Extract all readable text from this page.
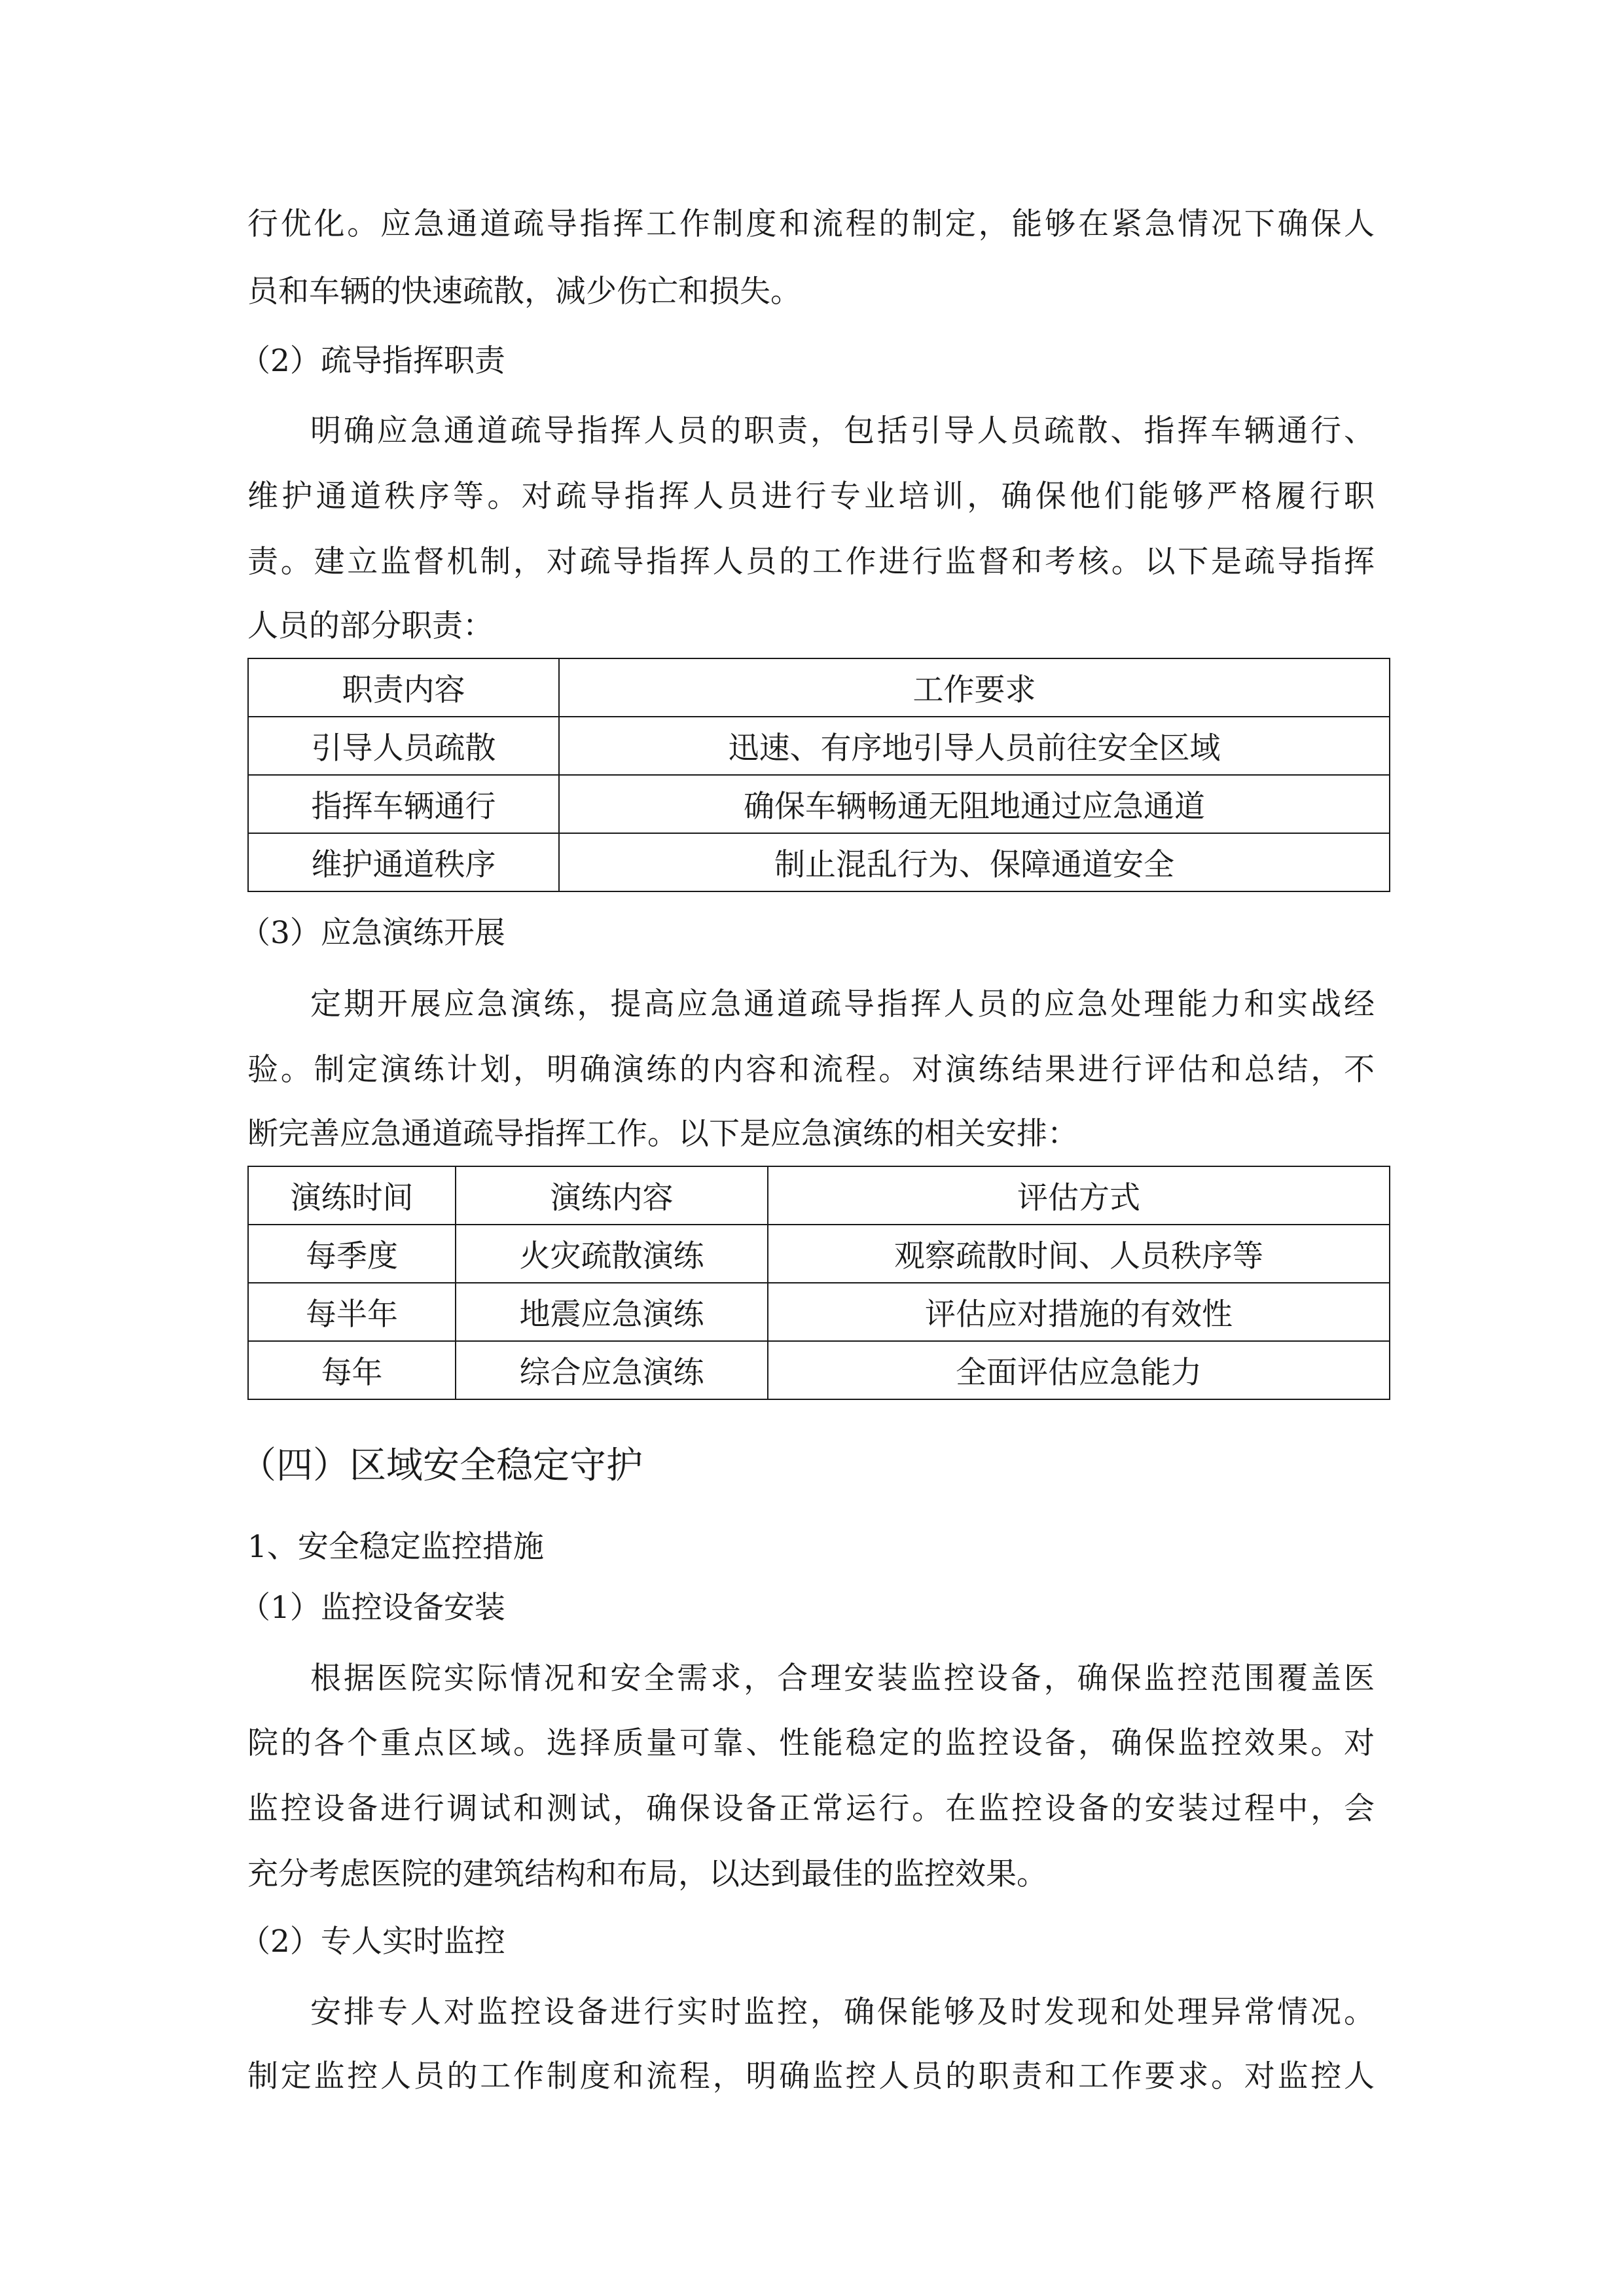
行优化。应急通道疏导指挥工作制度和流程的制定，能够在紧急情况下确保人
员和车辆的快速疏散，减少伤亡和损失。
（2）疏导指挥职责
明确应急通道疏导指挥人员的职责，包括引导人员疏散、指挥车辆通行、
维护通道秩序等。对疏导指挥人员进行专业培训，确保他们能够严格履行职
责。建立监督机制，对疏导指挥人员的工作进行监督和考核。以下是疏导指挥
人员的部分职责：
职责内容	工作要求
引导人员疏散	迅速、有序地引导人员前往安全区域
指挥车辆通行	确保车辆畅通无阻地通过应急通道
维护通道秩序	制止混乱行为、保障通道安全
（3）应急演练开展
定期开展应急演练，提高应急通道疏导指挥人员的应急处理能力和实战经
验。制定演练计划，明确演练的内容和流程。对演练结果进行评估和总结，不
断完善应急通道疏导指挥工作。以下是应急演练的相关安排：
演练时间	演练内容	评估方式
每季度	火灾疏散演练	观察疏散时间、人员秩序等
每半年	地震应急演练	评估应对措施的有效性
每年	综合应急演练	全面评估应急能力
（四）区域安全稳定守护
1、安全稳定监控措施
（1）监控设备安装
根据医院实际情况和安全需求，合理安装监控设备，确保监控范围覆盖医
院的各个重点区域。选择质量可靠、性能稳定的监控设备，确保监控效果。对
监控设备进行调试和测试，确保设备正常运行。在监控设备的安装过程中，会
充分考虑医院的建筑结构和布局，以达到最佳的监控效果。
（2）专人实时监控
安排专人对监控设备进行实时监控，确保能够及时发现和处理异常情况。
制定监控人员的工作制度和流程，明确监控人员的职责和工作要求。对监控人
